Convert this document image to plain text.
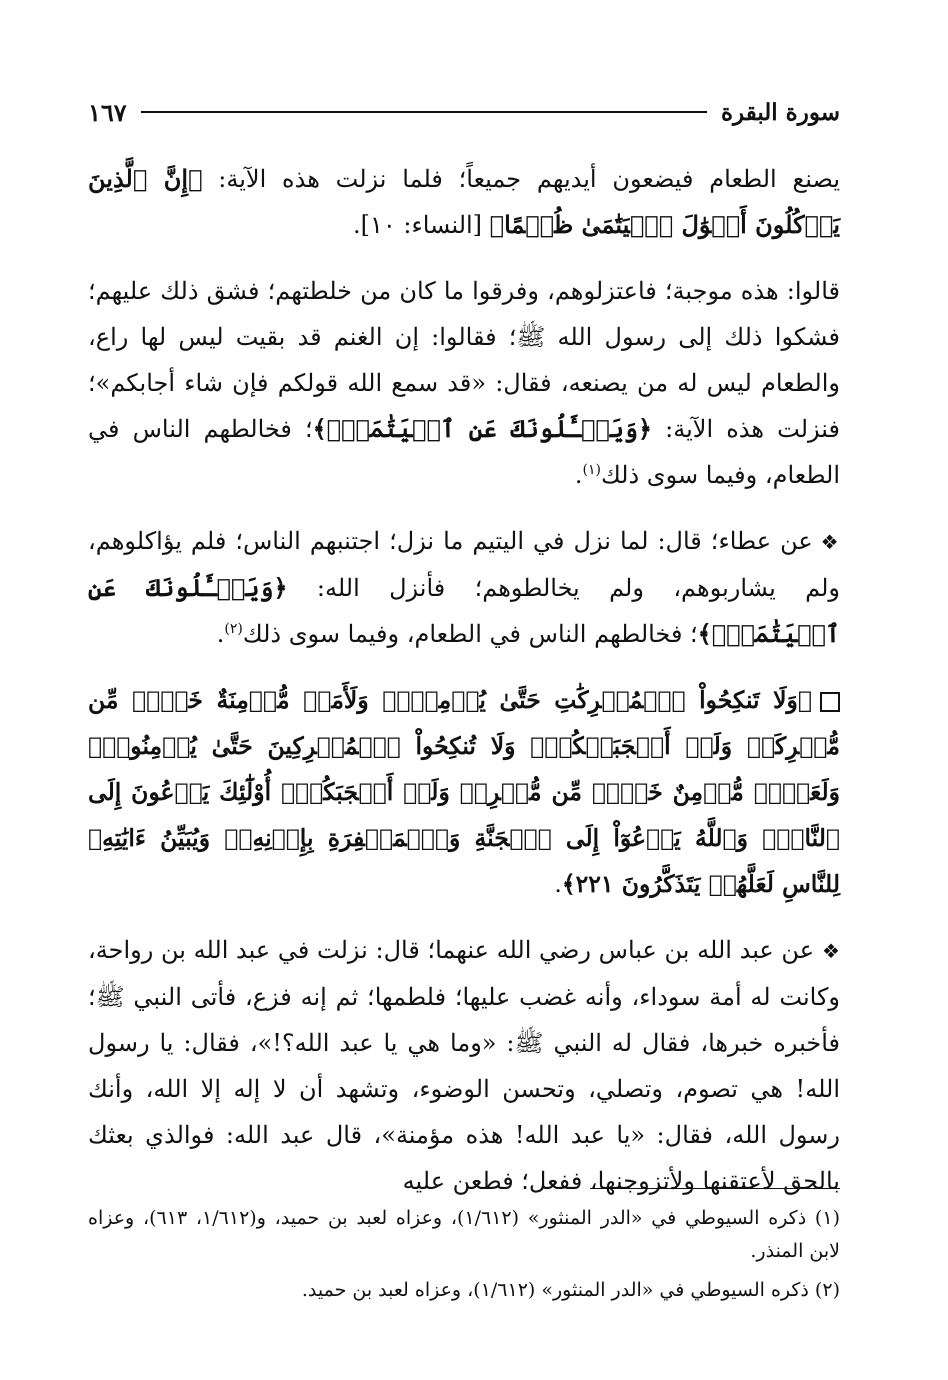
سورة البقرة
١٦٧

يصنع الطعام فيضعون أيديهم جميعاً؛ فلما نزلت هذه الآية: ﴿إِنَّ ٱلَّذِينَ يَأۡكُلُونَ أَمۡوَٰلَ ٱلۡيَتَٰمَىٰ ظُلۡمًا﴾ [النساء: ١٠].

قالوا: هذه موجبة؛ فاعتزلوهم، وفرقوا ما كان من خلطتهم؛ فشق ذلك عليهم؛ فشكوا ذلك إلى رسول الله ﷺ؛ فقالوا: إن الغنم قد بقيت ليس لها راع، والطعام ليس له من يصنعه، فقال: «قد سمع الله قولكم فإن شاء أجابكم»؛ فنزلت هذه الآية: ﴿وَيَسۡـَٔلُونَكَ عَنِ ٱلۡيَتَٰمَىٰۖ﴾؛ فخالطهم الناس في الطعام، وفيما سوى ذلك$^{(١)}$.

❖عن عطاء؛ قال: لما نزل في اليتيم ما نزل؛ اجتنبهم الناس؛ فلم يؤاكلوهم، ولم يشاربوهم، ولم يخالطوهم؛ فأنزل الله: ﴿وَيَسۡـَٔلُونَكَ عَنِ ٱلۡيَتَٰمَىٰۖ﴾؛ فخالطهم الناس في الطعام، وفيما سوى ذلك$^{(٢)}$.

﴿وَلَا تَنكِحُواْ ٱلۡمُشۡرِكَٰتِ حَتَّىٰ يُؤۡمِنَّۚ وَلَأَمَةٞ مُّؤۡمِنَةٌ خَيۡرٞ مِّن مُّشۡرِكَةٖ وَلَوۡ أَعۡجَبَتۡكُمۡۗ وَلَا تُنكِحُواْ ٱلۡمُشۡرِكِينَ حَتَّىٰ يُؤۡمِنُواْۚ وَلَعَبۡدٞ مُّؤۡمِنٌ خَيۡرٞ مِّن مُّشۡرِكٖ وَلَوۡ أَعۡجَبَكُمۡۗ أُوْلَٰٓئِكَ يَدۡعُونَ إِلَى ٱلنَّارِۖ وَٱللَّهُ يَدۡعُوٓاْ إِلَى ٱلۡجَنَّةِ وَٱلۡمَغۡفِرَةِ بِإِذۡنِهِۦۖ وَيُبَيِّنُ ءَايَٰتِهِۦ لِلنَّاسِ لَعَلَّهُمۡ يَتَذَكَّرُونَ ٢٢١﴾.

❖عن عبد الله بن عباس رضي الله عنهما؛ قال: نزلت في عبد الله بن رواحة، وكانت له أمة سوداء، وأنه غضب عليها؛ فلطمها؛ ثم إنه فزع، فأتى النبي ﷺ؛ فأخبره خبرها، فقال له النبي ﷺ: «وما هي يا عبد الله؟!»، فقال: يا رسول الله! هي تصوم، وتصلي، وتحسن الوضوء، وتشهد أن لا إله إلا الله، وأنك رسول الله، فقال: «يا عبد الله! هذه مؤمنة»، قال عبد الله: فوالذي بعثك بالحق لأعتقنها ولأتزوجنها، ففعل؛ فطعن عليه

(١) ذكره السيوطي في «الدر المنثور» (١/٦١٢)، وعزاه لعبد بن حميد، و(١/٦١٢، ٦١٣)، وعزاه لابن المنذر.

(٢) ذكره السيوطي في «الدر المنثور» (١/٦١٢)، وعزاه لعبد بن حميد.
